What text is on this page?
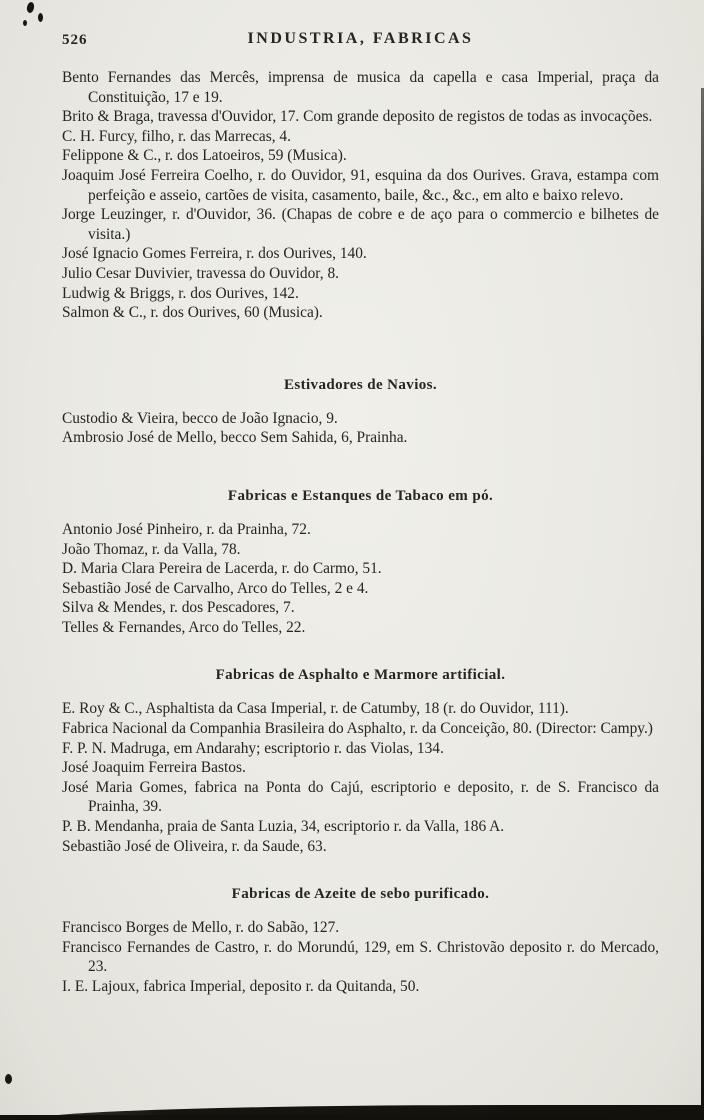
526	INDUSTRIA, FABRICAS

Bento Fernandes das Mercês, imprensa de musica da capella e casa Imperial, praça da Constituição, 17 e 19.

Brito & Braga, travessa d'Ouvidor, 17. Com grande deposito de registos de todas as invocações.

C. H. Furcy, filho, r. das Marrecas, 4.

Felippone & C., r. dos Latoeiros, 59 (Musica).

Joaquim José Ferreira Coelho, r. do Ouvidor, 91, esquina da dos Ourives. Grava, estampa com perfeição e asseio, cartões de visita, casamento, baile, &c., &c., em alto e baixo relevo.

Jorge Leuzinger, r. d'Ouvidor, 36. (Chapas de cobre e de aço para o commercio e bilhetes de visita.)

José Ignacio Gomes Ferreira, r. dos Ourives, 140.

Julio Cesar Duvivier, travessa do Ouvidor, 8.

Ludwig & Briggs, r. dos Ourives, 142.

Salmon & C., r. dos Ourives, 60 (Musica).

Estivadores de Navios.

Custodio & Vieira, becco de João Ignacio, 9.

Ambrosio José de Mello, becco Sem Sahida, 6, Prainha.

Fabricas e Estanques de Tabaco em pó.

Antonio José Pinheiro, r. da Prainha, 72.

João Thomaz, r. da Valla, 78.

D. Maria Clara Pereira de Lacerda, r. do Carmo, 51.

Sebastião José de Carvalho, Arco do Telles, 2 e 4.

Silva & Mendes, r. dos Pescadores, 7.

Telles & Fernandes, Arco do Telles, 22.

Fabricas de Asphalto e Marmore artificial.

E. Roy & C., Asphaltista da Casa Imperial, r. de Catumby, 18 (r. do Ouvidor, 111).

Fabrica Nacional da Companhia Brasileira do Asphalto, r. da Conceição, 80. (Director: Campy.)

F. P. N. Madruga, em Andarahy; escriptorio r. das Violas, 134.

José Joaquim Ferreira Bastos.

José Maria Gomes, fabrica na Ponta do Cajú, escriptorio e deposito, r. de S. Francisco da Prainha, 39.

P. B. Mendanha, praia de Santa Luzia, 34, escriptorio r. da Valla, 186 A.

Sebastião José de Oliveira, r. da Saude, 63.

Fabricas de Azeite de sebo purificado.

Francisco Borges de Mello, r. do Sabão, 127.

Francisco Fernandes de Castro, r. do Morundú, 129, em S. Christovão deposito r. do Mercado, 23.

I. E. Lajoux, fabrica Imperial, deposito r. da Quitanda, 50.
